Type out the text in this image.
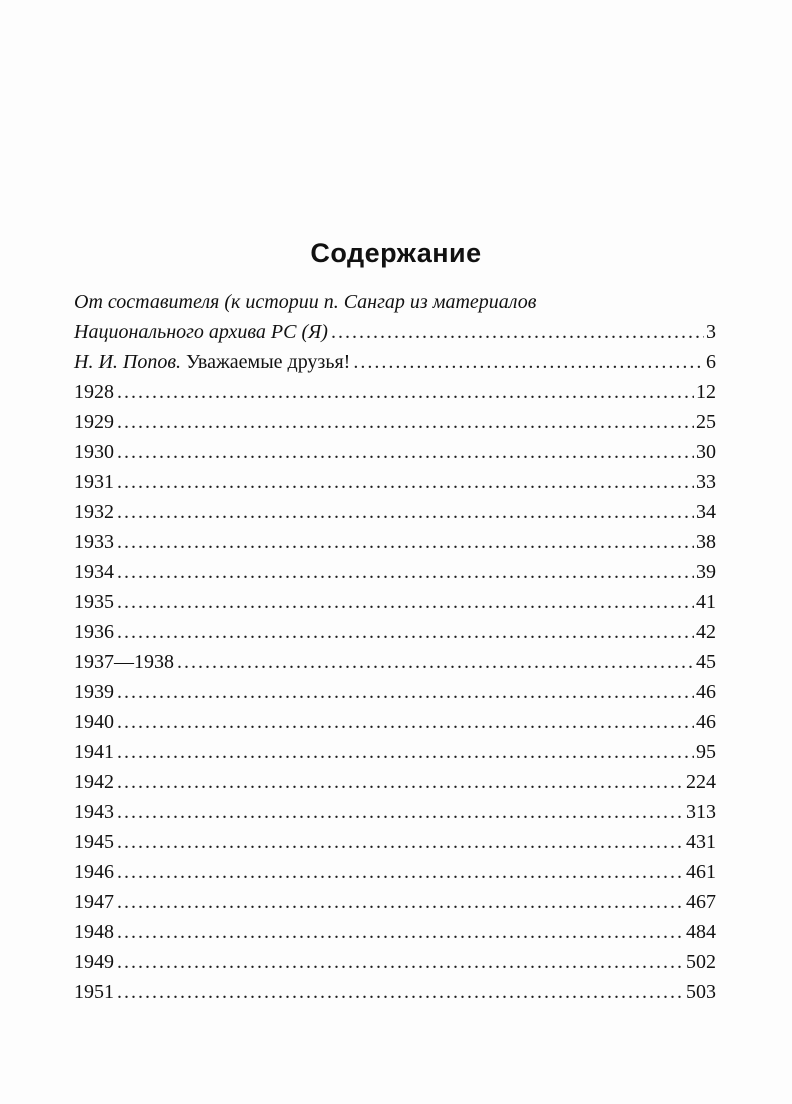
Содержание
От составителя (к истории п. Сангар из материалов
Национального архива РС (Я) .....	3
Н. И. Попов. Уважаемые друзья! .....	6
1928 .....	12
1929 .....	25
1930 .....	30
1931 .....	33
1932 .....	34
1933 .....	38
1934 .....	39
1935 .....	41
1936 .....	42
1937—1938 .....	45
1939 .....	46
1940 .....	46
1941 .....	95
1942 .....	224
1943 .....	313
1945 .....	431
1946 .....	461
1947 .....	467
1948 .....	484
1949 .....	502
1951 .....	503
